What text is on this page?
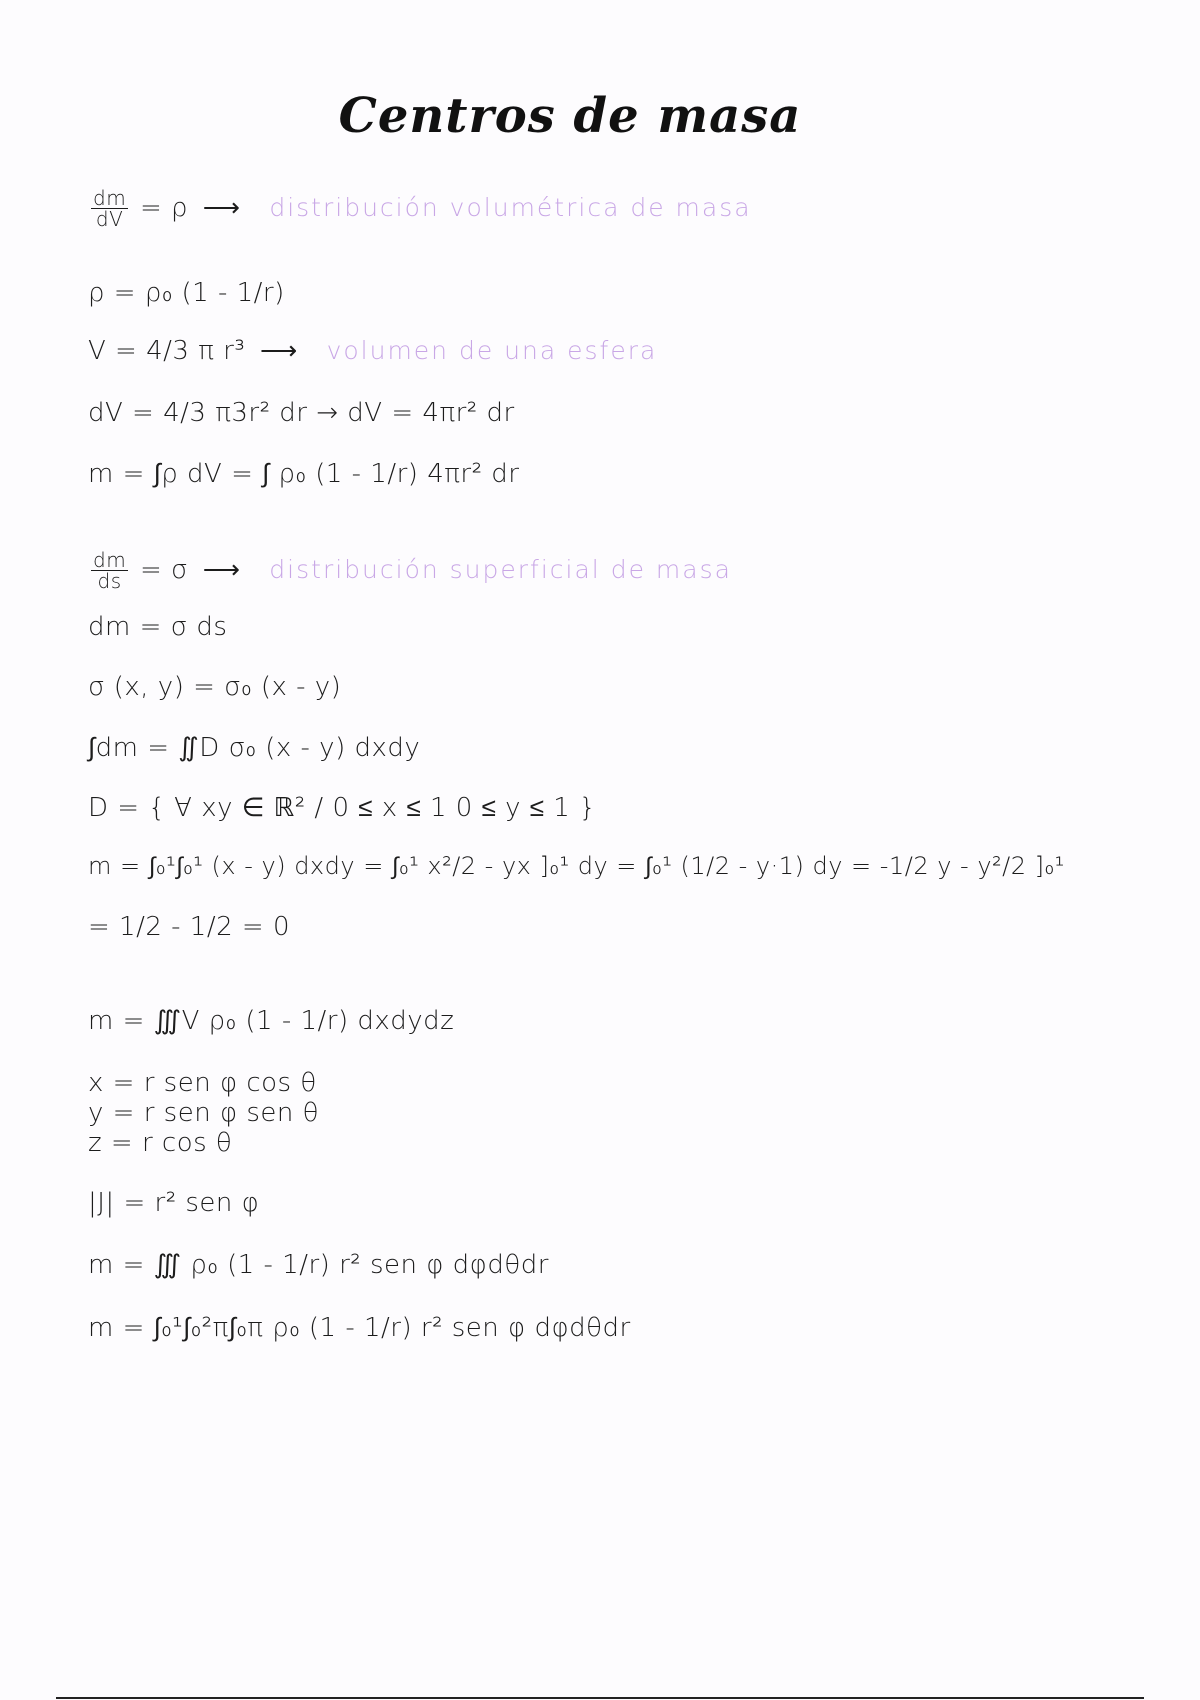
Centros de masa
$\frac{dm}{dV} = \rho$ ⟶ distribución volumétrica de masa
ρ = ρ₀ (1 - 1/r)
V = 4/3 π r³ ⟶ volumen de una esfera
dV = 4/3 π3r² dr → dV = 4πr² dr
m = ∫ρ dV = ∫ ρ₀ (1 - 1/r) 4πr² dr
$\frac{dm}{ds} = \sigma$ ⟶ distribución superficial de masa
dm = σ ds
σ (x, y) = σ₀ (x - y)
∫dm = ∬D σ₀ (x - y) dxdy
D = { ∀ xy ∈ ℝ² / 0 ≤ x ≤ 1 0 ≤ y ≤ 1 }
m = ∫₀¹∫₀¹ (x - y) dxdy = ∫₀¹ x²/2 - yx ]₀¹ dy = ∫₀¹ (1/2 - y·1) dy = -1/2 y - y²/2 ]₀¹
= 1/2 - 1/2 = 0
m = ∭V ρ₀ (1 - 1/r) dxdydz
x = r sen φ cos θ
y = r sen φ sen θ
z = r cos θ
|J| = r² sen φ
m = ∭ ρ₀ (1 - 1/r) r² sen φ dφdθdr
m = ∫₀¹∫₀²π∫₀π ρ₀ (1 - 1/r) r² sen φ dφdθdr
